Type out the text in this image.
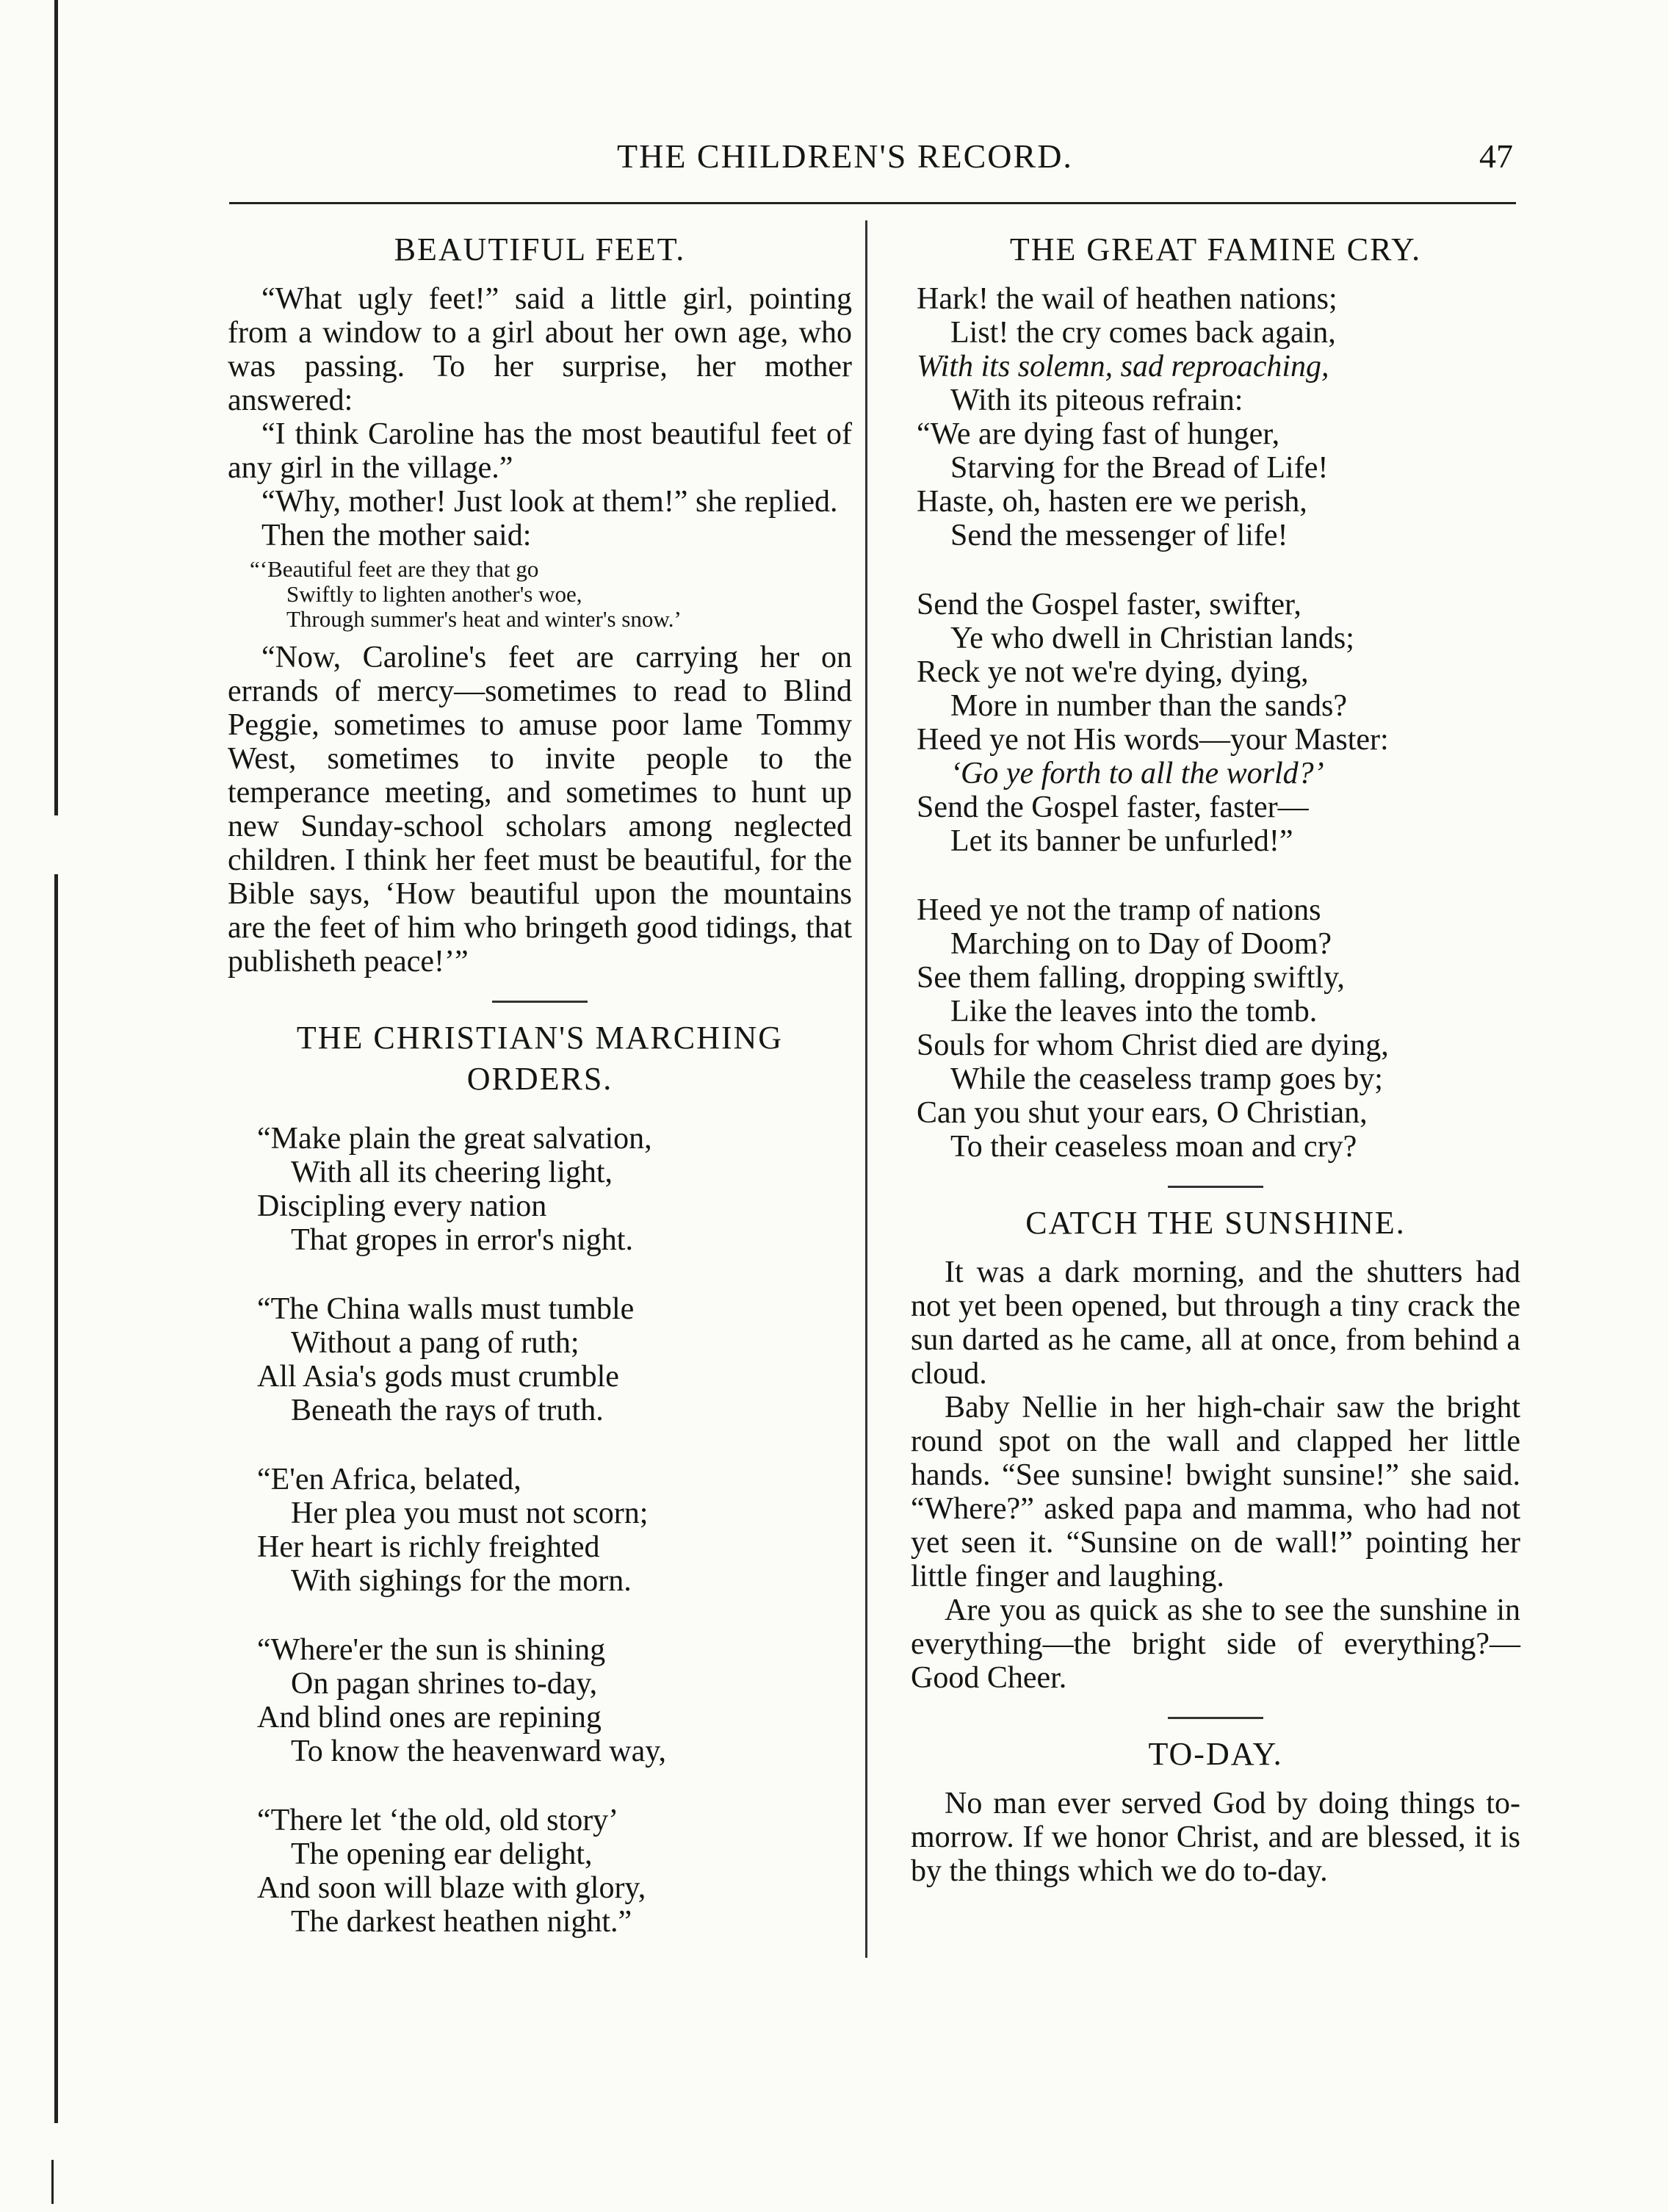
THE CHILDREN'S RECORD.	47
BEAUTIFUL FEET.

“What ugly feet!” said a little girl, pointing from a window to a girl about her own age, who was passing. To her surprise, her mother answered:

“I think Caroline has the most beautiful feet of any girl in the village.”

“Why, mother! Just look at them!” she replied.

Then the mother said:

“‘Beautiful feet are they that go
Swiftly to lighten another's woe,
Through summer's heat and winter's snow.’

“Now, Caroline's feet are carrying her on errands of mercy—sometimes to read to Blind Peggie, sometimes to amuse poor lame Tommy West, sometimes to invite people to the temperance meeting, and sometimes to hunt up new Sunday-school scholars among neglected children. I think her feet must be beautiful, for the Bible says, ‘How beautiful upon the mountains are the feet of him who bringeth good tidings, that publisheth peace!’”

THE CHRISTIAN'S MARCHING
ORDERS.
“Make plain the great salvation,
With all its cheering light,
Discipling every nation
That gropes in error's night.
“The China walls must tumble
Without a pang of ruth;
All Asia's gods must crumble
Beneath the rays of truth.
“E'en Africa, belated,
Her plea you must not scorn;
Her heart is richly freighted
With sighings for the morn.
“Where'er the sun is shining
On pagan shrines to-day,
And blind ones are repining
To know the heavenward way,
“There let ‘the old, old story’
The opening ear delight,
And soon will blaze with glory,
The darkest heathen night.”
THE GREAT FAMINE CRY.
Hark! the wail of heathen nations;
List! the cry comes back again,
With its solemn, sad reproaching,
With its piteous refrain:
“We are dying fast of hunger,
Starving for the Bread of Life!
Haste, oh, hasten ere we perish,
Send the messenger of life!
Send the Gospel faster, swifter,
Ye who dwell in Christian lands;
Reck ye not we're dying, dying,
More in number than the sands?
Heed ye not His words—your Master:
‘Go ye forth to all the world?’
Send the Gospel faster, faster—
Let its banner be unfurled!”
Heed ye not the tramp of nations
Marching on to Day of Doom?
See them falling, dropping swiftly,
Like the leaves into the tomb.
Souls for whom Christ died are dying,
While the ceaseless tramp goes by;
Can you shut your ears, O Christian,
To their ceaseless moan and cry?
CATCH THE SUNSHINE.

It was a dark morning, and the shutters had not yet been opened, but through a tiny crack the sun darted as he came, all at once, from behind a cloud.

Baby Nellie in her high-chair saw the bright round spot on the wall and clapped her little hands. “See sunsine! bwight sunsine!” she said. “Where?” asked papa and mamma, who had not yet seen it. “Sunsine on de wall!” pointing her little finger and laughing.

Are you as quick as she to see the sunshine in everything—the bright side of everything?—Good Cheer.

TO-DAY.

No man ever served God by doing things to-morrow. If we honor Christ, and are blessed, it is by the things which we do to-day.
